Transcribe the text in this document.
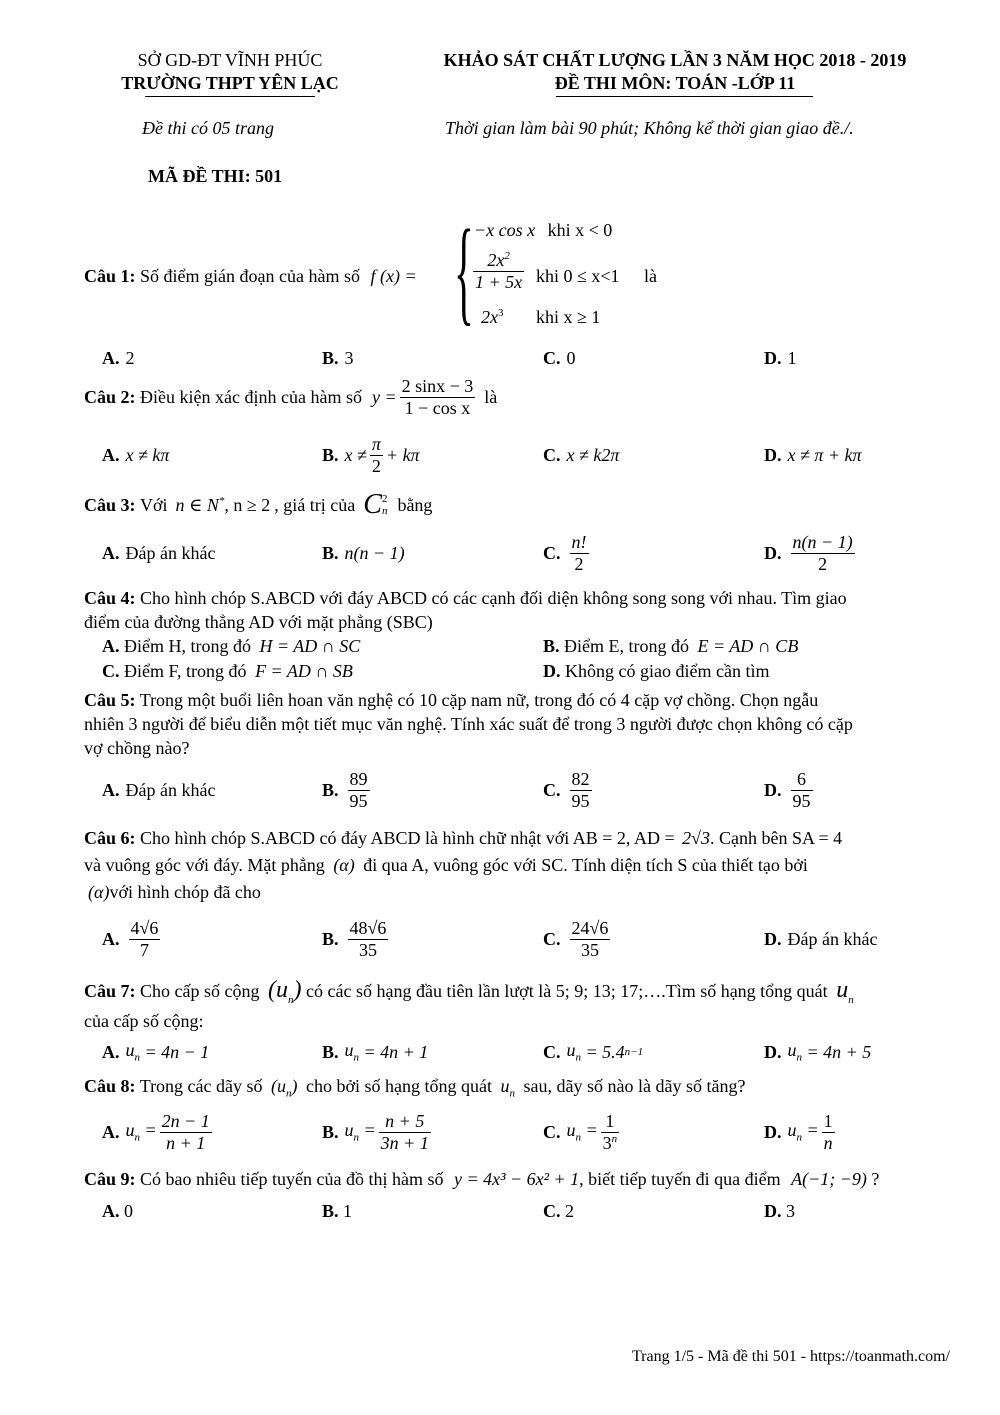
SỞ GD-ĐT VĨNH PHÚC
TRƯỜNG THPT YÊN LẠC
KHẢO SÁT CHẤT LƯỢNG LẦN 3 NĂM HỌC 2018 - 2019
ĐỀ THI MÔN: TOÁN -LỚP 11
Đề thi có 05 trang	Thời gian làm bài 90 phút; Không kể thời gian giao đề./.
MÃ ĐỀ THI: 501
Câu 1: Số điểm gián đoạn của hàm số f (x) = { −x cos x khi x < 0
$\frac{2x^2}{1 + 5x}$ khi 0 ≤ x<1 là
$2x^3$ khi x ≥ 1
A. 2	B. 3	C. 0	D. 1
Câu 2:
Điều kiện xác định của hàm số $y = \frac{2 \sin x - 3}{\text{1 − cos x}}$ là
A. x ≠ kπ	B. $x \ne \frac{\pi}{2} + k\pi$	C. x ≠ k2π	D. x ≠ π + kπ
Câu 3:
Với n ∈ N* , n ≥ 2 , giá trị của C 2
n bằng
A. Đáp án khác	B. n(n − 1)	C. $\frac{n!}{2}$	D. $\frac{n(n - 1)}{2}$
Câu 4: Cho hình chóp S.ABCD với đáy ABCD có các cạnh đối diện không song song với nhau. Tìm giao
điểm của đường thẳng AD với mặt phẳng (SBC)
A. Điểm H, trong đó H = AD ∩ SC	B. Điểm E, trong đó E = AD ∩ CB
C. Điểm F, trong đó F = AD ∩ SB	D. Không có giao điểm cần tìm
Câu 5: Trong một buổi liên hoan văn nghệ có 10 cặp nam nữ, trong đó có 4 cặp vợ chồng. Chọn ngẫu
nhiên 3 người để biểu diễn một tiết mục văn nghệ. Tính xác suất để trong 3 người được chọn không có cặp
vợ chồng nào?
A. Đáp án khác	B. $\frac{89}{95}$	C. $\frac{82}{95}$	D. $\frac{6}{95}$
Câu 6: Cho hình chóp S.ABCD có đáy ABCD là hình chữ nhật với AB = 2, AD = 2√3. Cạnh bên SA = 4
và vuông góc với đáy. Mặt phẳng (α) đi qua A, vuông góc với SC. Tính diện tích S của thiết tạo bởi
(α)với hình chóp đã cho
A. $\frac{4√6}{7}$	B. $\frac{48√6}{35}$	C. $\frac{24√6}{35}$	D. Đáp án khác
Câu 7: Cho cấp số cộng $(u_n)$ có các số hạng đầu tiên lần lượt là 5; 9; 13; 17;….Tìm số hạng tổng quát $u_n$
của cấp số cộng:
A. $u_n = 4n - 1$	B. $u_n = 4n + 1$	C. $u_n = 5.4$ n−1	D. $u_n = 4n + 5$
Câu 8: Trong các dãy số $(u_n)$ cho bởi số hạng tổng quát $u_n$ sau, dãy số nào là dãy số tăng?
A. $u_n = \frac{2n - 1}{n + 1}$	B. $u_n = \frac{n + 5}{3n + 1}$	C. $u_n = \frac{1}{3^n}$	D. $u_n = \frac{1}{n}$
Câu 9: Có bao nhiêu tiếp tuyến của đồ thị hàm số y = 4x³ − 6x² + 1, biết tiếp tuyến đi qua điểm A(−1; −9) ?
A. 0	B. 1	C. 2	D. 3
Trang 1/5 - Mã đề thi 501 - https://toanmath.com/
